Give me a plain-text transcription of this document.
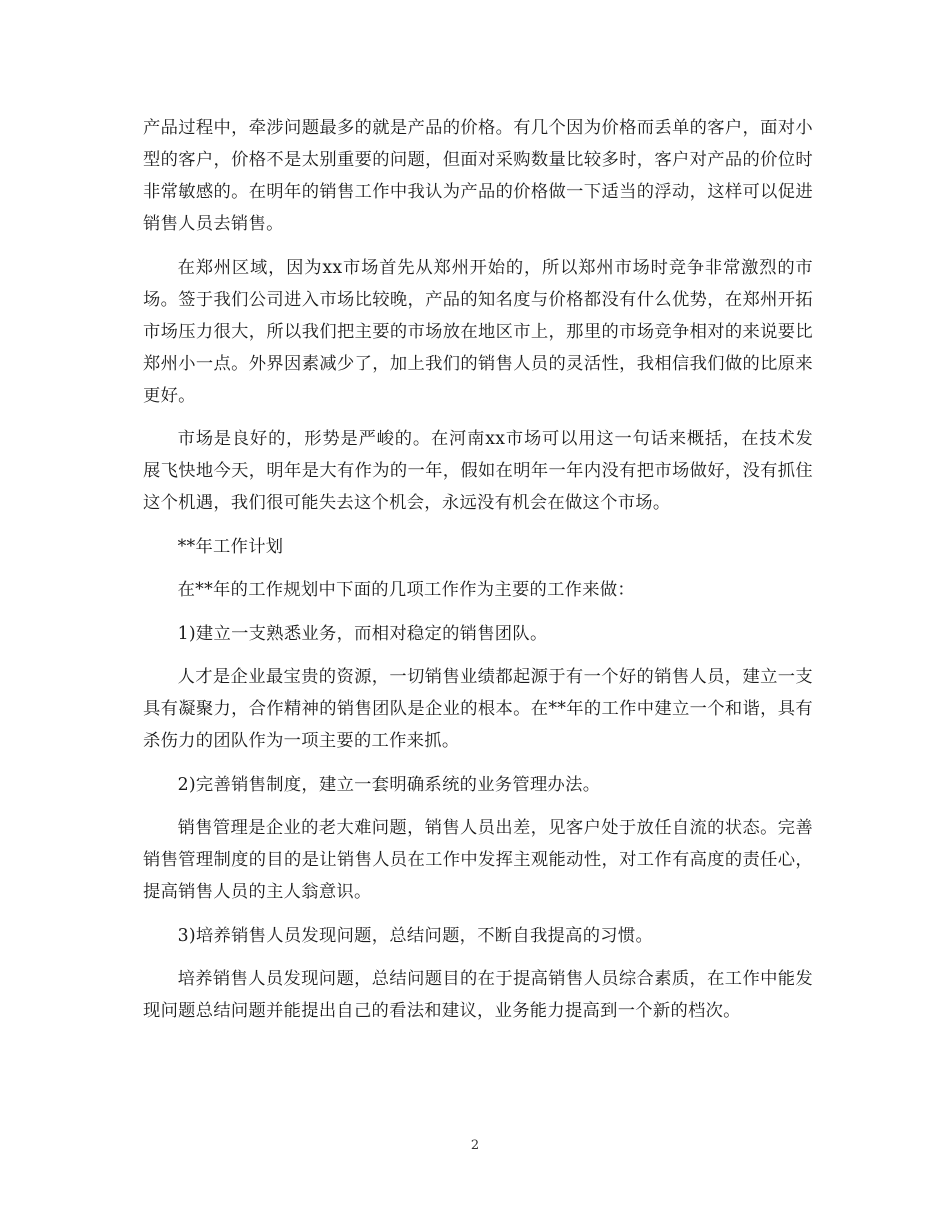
产品过程中，牵涉问题最多的就是产品的价格。有几个因为价格而丢单的客户，面对小型的客户，价格不是太别重要的问题，但面对采购数量比较多时，客户对产品的价位时非常敏感的。在明年的销售工作中我认为产品的价格做一下适当的浮动，这样可以促进销售人员去销售。

在郑州区域，因为xx市场首先从郑州开始的，所以郑州市场时竞争非常激烈的市场。签于我们公司进入市场比较晚，产品的知名度与价格都没有什么优势，在郑州开拓市场压力很大，所以我们把主要的市场放在地区市上，那里的市场竞争相对的来说要比郑州小一点。外界因素减少了，加上我们的销售人员的灵活性，我相信我们做的比原来更好。

市场是良好的，形势是严峻的。在河南xx市场可以用这一句话来概括，在技术发展飞快地今天，明年是大有作为的一年，假如在明年一年内没有把市场做好，没有抓住这个机遇，我们很可能失去这个机会，永远没有机会在做这个市场。

**年工作计划

在**年的工作规划中下面的几项工作作为主要的工作来做：

1)建立一支熟悉业务，而相对稳定的销售团队。

人才是企业最宝贵的资源，一切销售业绩都起源于有一个好的销售人员，建立一支具有凝聚力，合作精神的销售团队是企业的根本。在**年的工作中建立一个和谐，具有杀伤力的团队作为一项主要的工作来抓。

2)完善销售制度，建立一套明确系统的业务管理办法。

销售管理是企业的老大难问题，销售人员出差，见客户处于放任自流的状态。完善销售管理制度的目的是让销售人员在工作中发挥主观能动性，对工作有高度的责任心，提高销售人员的主人翁意识。

3)培养销售人员发现问题，总结问题，不断自我提高的习惯。

培养销售人员发现问题，总结问题目的在于提高销售人员综合素质，在工作中能发现问题总结问题并能提出自己的看法和建议，业务能力提高到一个新的档次。

2
